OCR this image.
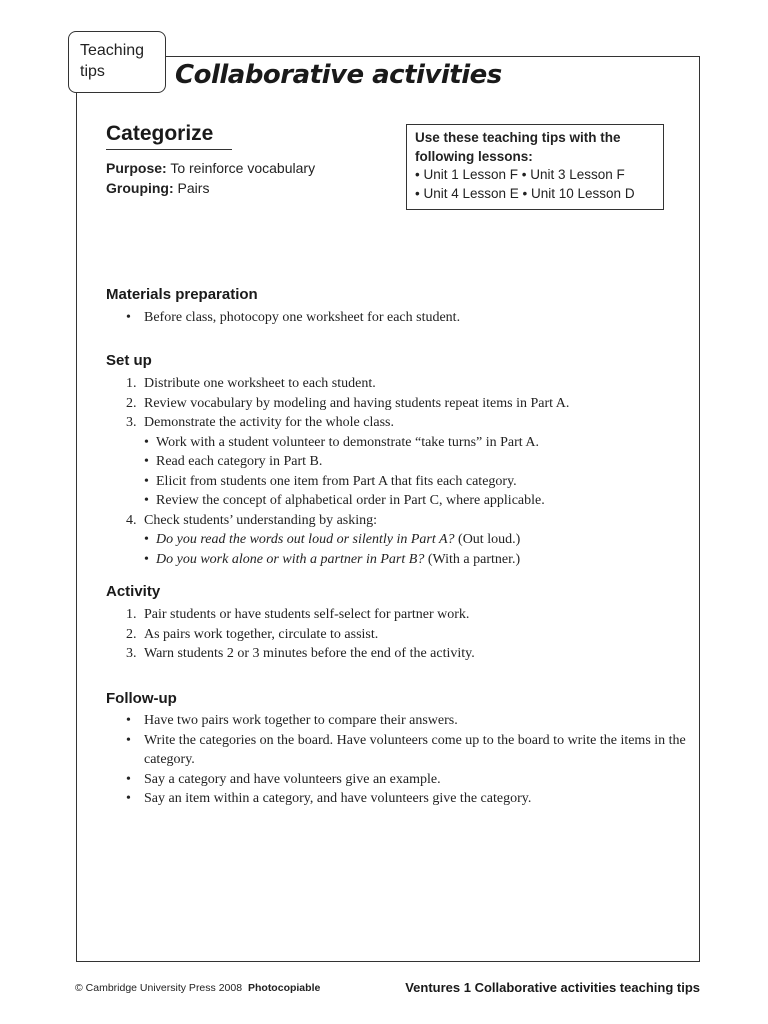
Teaching
tips	Collaborative activities
Categorize
Purpose: To reinforce vocabulary
Grouping: Pairs
Use these teaching tips with the
following lessons:
• Unit 1 Lesson F • Unit 3 Lesson F
• Unit 4 Lesson E • Unit 10 Lesson D
Materials preparation
• Before class, photocopy one worksheet for each student.
Set up
1. Distribute one worksheet to each student.
2. Review vocabulary by modeling and having students repeat items in Part A.
3. Demonstrate the activity for the whole class.
• Work with a student volunteer to demonstrate “take turns” in Part A.
• Read each category in Part B.
• Elicit from students one item from Part A that fits each category.
• Review the concept of alphabetical order in Part C, where applicable.
4. Check students’ understanding by asking:
• Do you read the words out loud or silently in Part A? (Out loud.)
• Do you work alone or with a partner in Part B? (With a partner.)
Activity
1. Pair students or have students self-select for partner work.
2. As pairs work together, circulate to assist.
3. Warn students 2 or 3 minutes before the end of the activity.
Follow-up
• Have two pairs work together to compare their answers.
• Write the categories on the board. Have volunteers come up to the board to write the items in the category.
• Say a category and have volunteers give an example.
• Say an item within a category, and have volunteers give the category.
© Cambridge University Press 2008 Photocopiable	Ventures 1 Collaborative activities teaching tips
